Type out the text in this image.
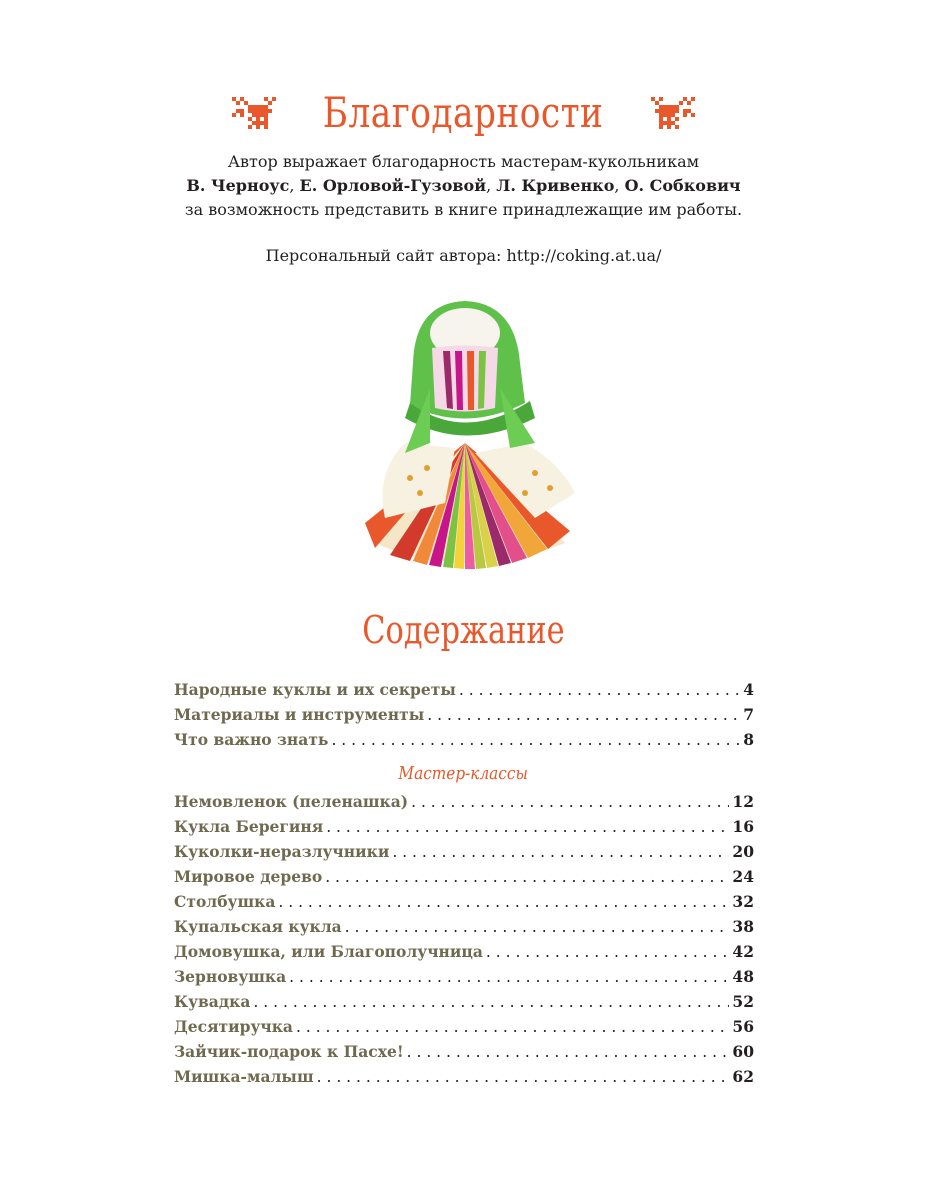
Благодарности
Автор выражает благодарность мастерам-кукольникам
В. Черноус, Е. Орловой-Гузовой, Л. Кривенко, О. Собкович
за возможность представить в книге принадлежащие им работы.
Персональный сайт автора: http://coking.at.ua/
Содержание
Народные куклы и их секреты . . .	4
Материалы и инструменты . . .	7
Что важно знать . . .	8
Мастер-классы
Немовленок (пеленашка) . . .	12
Кукла Берегиня . . .	16
Куколки-неразлучники . . .	20
Мировое дерево . . .	24
Столбушка . . .	32
Купальская кукла . . .	38
Домовушка, или Благополучница . . .	42
Зерновушка . . .	48
Кувадка . . .	52
Десятиручка . . .	56
Зайчик-подарок к Пасхе! . . .	60
Мишка-малыш . . .	62
